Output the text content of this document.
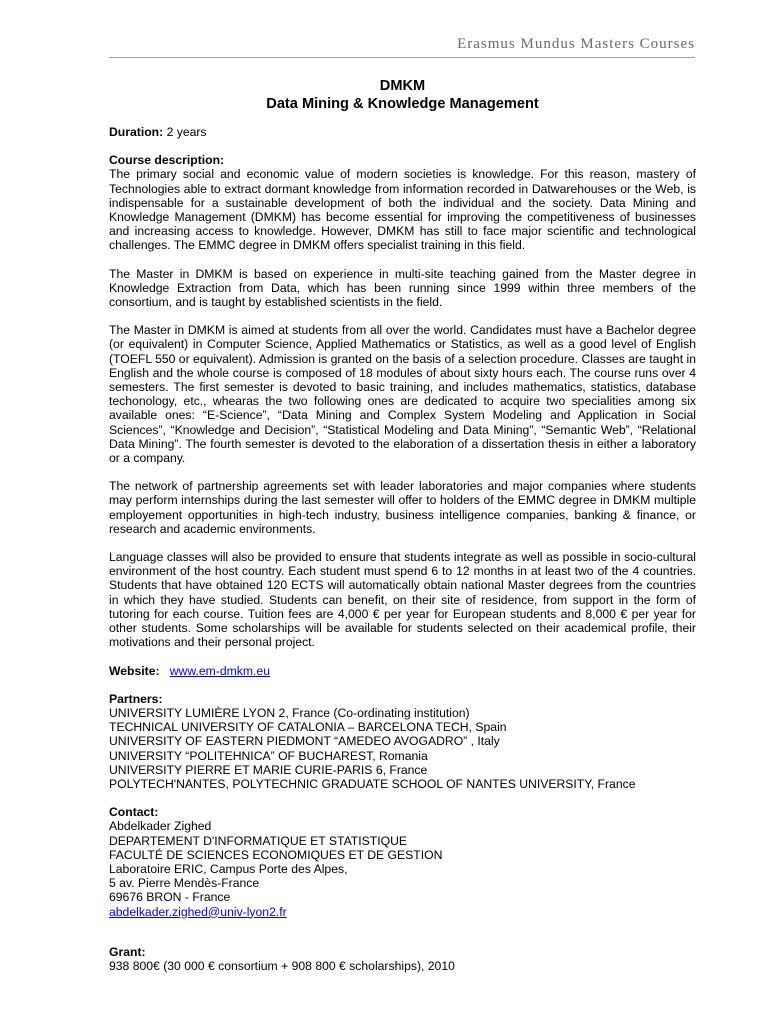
Erasmus Mundus Masters Courses
DMKM
Data Mining & Knowledge Management
Duration: 2 years
Course description:

The primary social and economic value of modern societies is knowledge. For this reason, mastery of Technologies able to extract dormant knowledge from information recorded in Datwarehouses or the Web, is indispensable for a sustainable development of both the individual and the society. Data Mining and Knowledge Management (DMKM) has become essential for improving the competitiveness of businesses and increasing access to knowledge. However, DMKM has still to face major scientific and technological challenges. The EMMC degree in DMKM offers specialist training in this field.

The Master in DMKM is based on experience in multi-site teaching gained from the Master degree in Knowledge Extraction from Data, which has been running since 1999 within three members of the consortium, and is taught by established scientists in the field.

The Master in DMKM is aimed at students from all over the world. Candidates must have a Bachelor degree (or equivalent) in Computer Science, Applied Mathematics or Statistics, as well as a good level of English (TOEFL 550 or equivalent). Admission is granted on the basis of a selection procedure. Classes are taught in English and the whole course is composed of 18 modules of about sixty hours each. The course runs over 4 semesters. The first semester is devoted to basic training, and includes mathematics, statistics, database techonology, etc., whearas the two following ones are dedicated to acquire two specialities among six available ones: “E-Science”, “Data Mining and Complex System Modeling and Application in Social Sciences”, “Knowledge and Decision”, “Statistical Modeling and Data Mining”, “Semantic Web”, “Relational Data Mining”. The fourth semester is devoted to the elaboration of a dissertation thesis in either a laboratory or a company.

The network of partnership agreements set with leader laboratories and major companies where students may perform internships during the last semester will offer to holders of the EMMC degree in DMKM multiple employement opportunities in high-tech industry, business intelligence companies, banking & finance, or research and academic environments.

Language classes will also be provided to ensure that students integrate as well as possible in socio-cultural environment of the host country. Each student must spend 6 to 12 months in at least two of the 4 countries. Students that have obtained 120 ECTS will automatically obtain national Master degrees from the countries in which they have studied. Students can benefit, on their site of residence, from support in the form of tutoring for each course. Tuition fees are 4,000 € per year for European students and 8,000 € per year for other students. Some scholarships will be available for students selected on their academical profile, their motivations and their personal project.

Website: www.em-dmkm.eu
Partners:
UNIVERSITY LUMIÈRE LYON 2, France (Co-ordinating institution)
TECHNICAL UNIVERSITY OF CATALONIA – BARCELONA TECH, Spain
UNIVERSITY OF EASTERN PIEDMONT “AMEDEO AVOGADRO” , Italy
UNIVERSITY “POLITEHNICA” OF BUCHAREST, Romania
UNIVERSITY PIERRE ET MARIE CURIE-PARIS 6, France
POLYTECH'NANTES, POLYTECHNIC GRADUATE SCHOOL OF NANTES UNIVERSITY, France
Contact:
Abdelkader Zighed
DEPARTEMENT D'INFORMATIQUE ET STATISTIQUE
FACULTÉ DE SCIENCES ECONOMIQUES ET DE GESTION
Laboratoire ERIC, Campus Porte des Alpes,
5 av. Pierre Mendès-France
69676 BRON - France
abdelkader.zighed@univ-lyon2.fr
Grant:
938 800€ (30 000 € consortium + 908 800 € scholarships), 2010
